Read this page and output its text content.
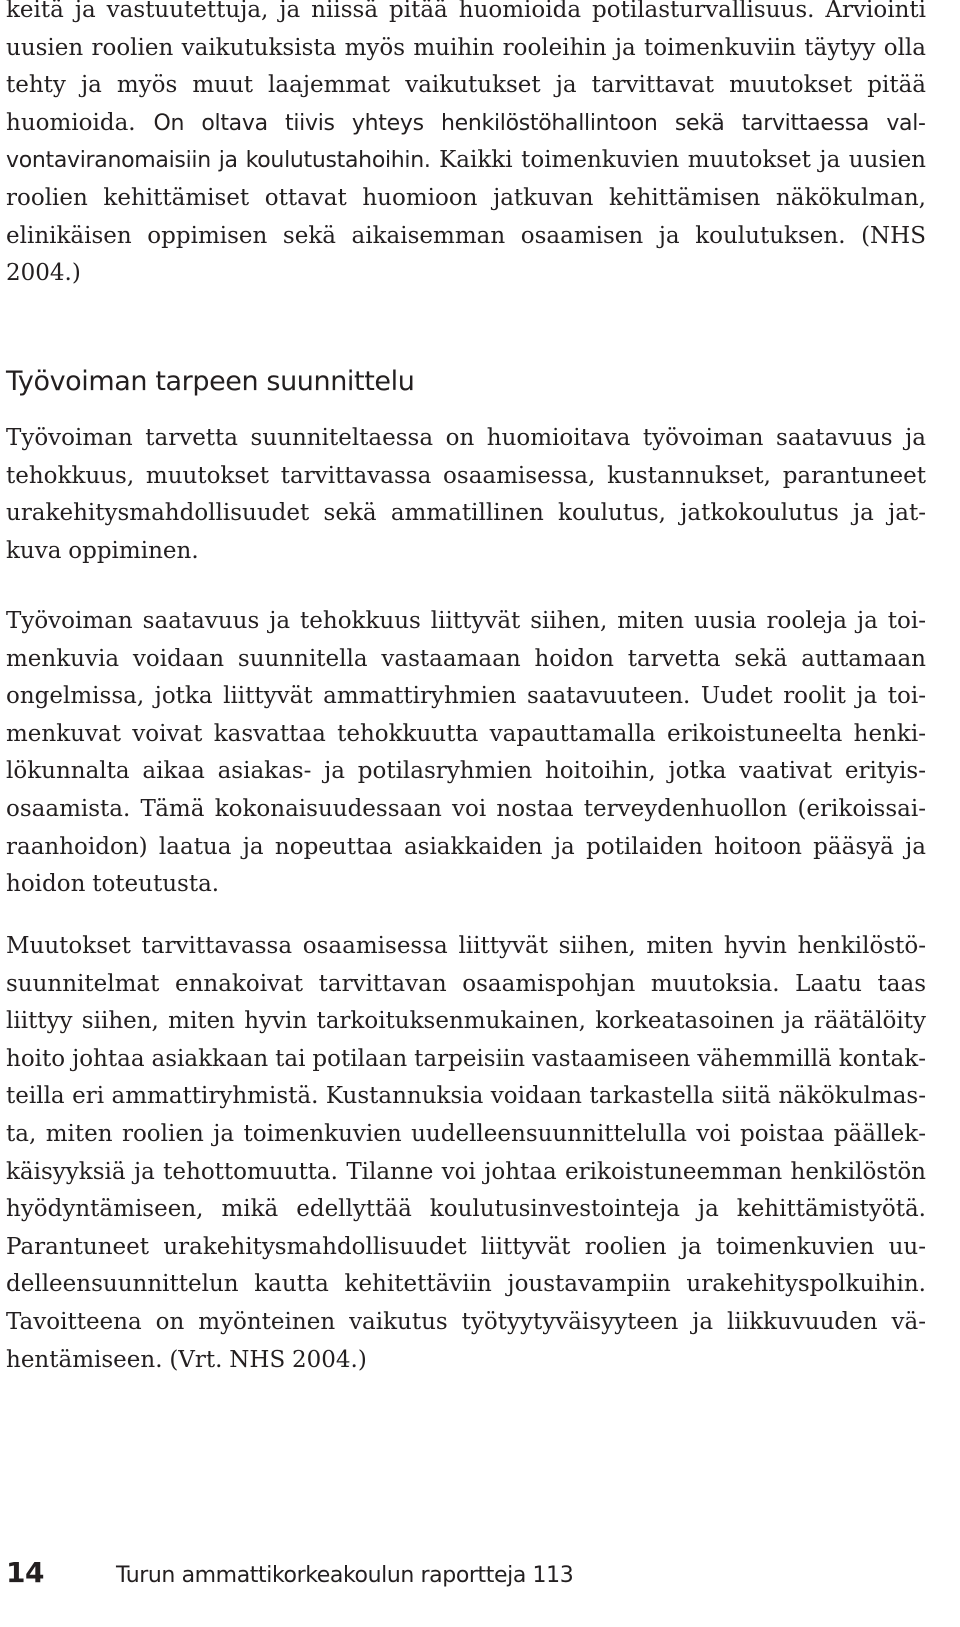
keitä ja vastuutettuja, ja niissä pitää huomioida potilasturvallisuus. Arviointi uusien roolien vaikutuksista myös muihin rooleihin ja toimenkuviin täytyy olla tehty ja myös muut laajemmat vaikutukset ja tarvittavat muutokset pitää huomioida. On oltava tiivis yhteys henkilöstöhallintoon sekä tarvittaessa valvontaviranomaisiin ja koulutustahoihin. Kaikki toimenkuvien muutokset ja uusien roolien kehittämiset ottavat huomioon jatkuvan kehittämisen näkökulman, elinikäisen oppimisen sekä aikaisemman osaamisen ja koulutuksen. (NHS 2004.)

Työvoiman tarpeen suunnittelu

Työvoiman tarvetta suunniteltaessa on huomioitava työvoiman saatavuus ja tehokkuus, muutokset tarvittavassa osaamisessa, kustannukset, parantuneet urakehitysmahdollisuudet sekä ammatillinen koulutus, jatkokoulutus ja jatkuva oppiminen.

Työvoiman saatavuus ja tehokkuus liittyvät siihen, miten uusia rooleja ja toimenkuvia voidaan suunnitella vastaamaan hoidon tarvetta sekä auttamaan ongelmissa, jotka liittyvät ammattiryhmien saatavuuteen. Uudet roolit ja toimenkuvat voivat kasvattaa tehokkuutta vapauttamalla erikoistuneelta henkilökunnalta aikaa asiakas- ja potilasryhmien hoitoihin, jotka vaativat erityisosaamista. Tämä kokonaisuudessaan voi nostaa terveydenhuollon (erikoissairaanhoidon) laatua ja nopeuttaa asiakkaiden ja potilaiden hoitoon pääsyä ja hoidon toteutusta.

Muutokset tarvittavassa osaamisessa liittyvät siihen, miten hyvin henkilöstösuunnitelmat ennakoivat tarvittavan osaamispohjan muutoksia. Laatu taas liittyy siihen, miten hyvin tarkoituksenmukainen, korkeatasoinen ja räätälöity hoito johtaa asiakkaan tai potilaan tarpeisiin vastaamiseen vähemmillä kontakteilla eri ammattiryhmistä. Kustannuksia voidaan tarkastella siitä näkökulmasta, miten roolien ja toimenkuvien uudelleensuunnittelulla voi poistaa päällekkäisyyksiä ja tehottomuutta. Tilanne voi johtaa erikoistuneemman henkilöstön hyödyntämiseen, mikä edellyttää koulutusinvestointeja ja kehittämistyötä. Parantuneet urakehitysmahdollisuudet liittyvät roolien ja toimenkuvien uudelleensuunnittelun kautta kehitettäviin joustavampiin urakehityspolkuihin. Tavoitteena on myönteinen vaikutus työtyytyväisyyteen ja liikkuvuuden vähentämiseen. (Vrt. NHS 2004.)

14	Turun ammattikorkeakoulun raportteja 113
